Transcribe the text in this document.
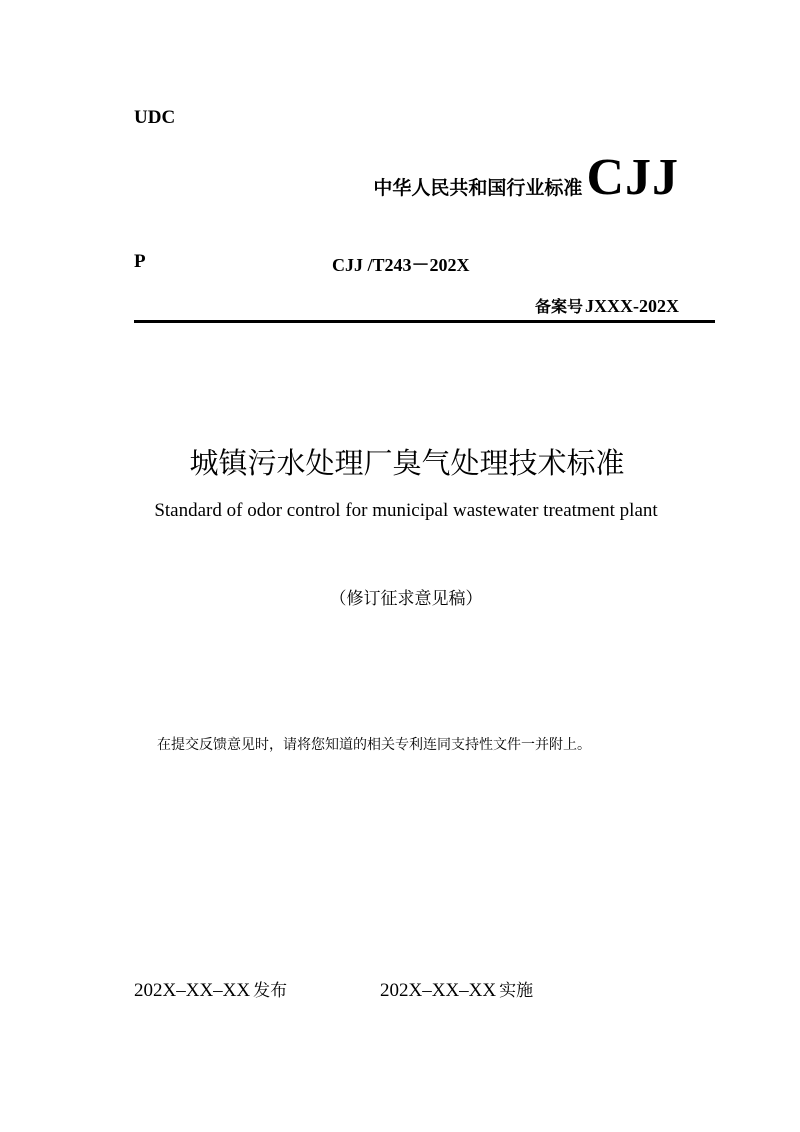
UDC
中华人民共和国行业标准 CJJ
P	CJJ /T243－202X
备案号 JXXX-202X
城镇污水处理厂臭气处理技术标准
Standard of odor control for municipal wastewater treatment plant
（修订征求意见稿）
在提交反馈意见时，请将您知道的相关专利连同支持性文件一并附上。
202X–XX–XX 发布	202X–XX–XX 实施
